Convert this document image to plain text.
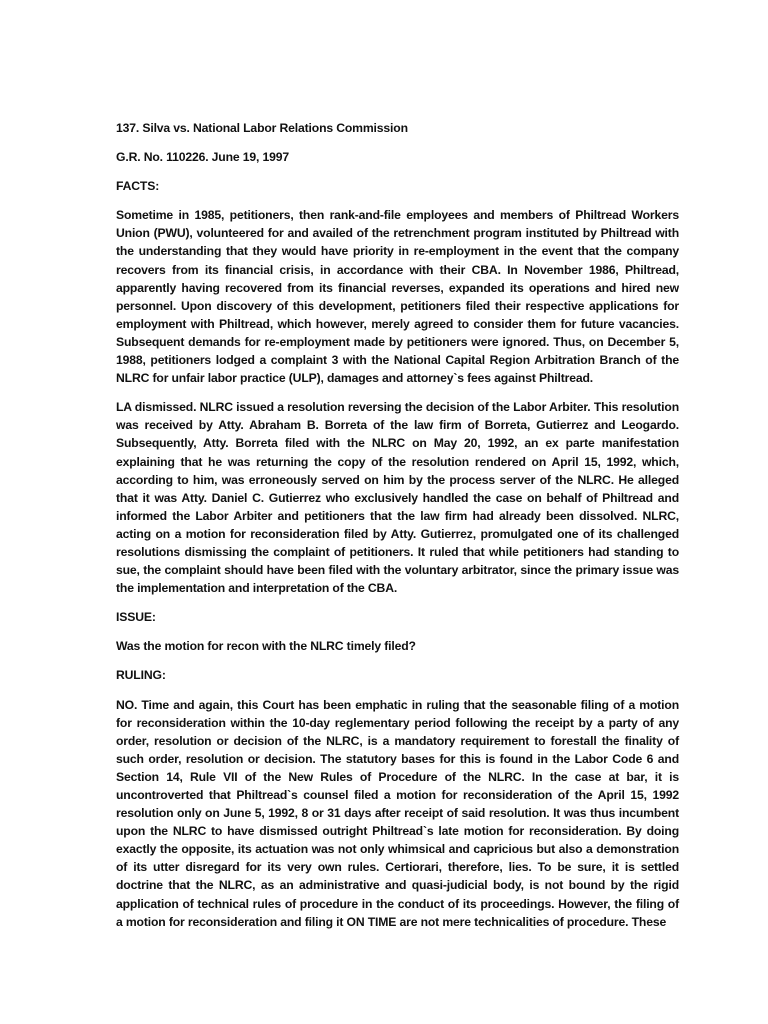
137. Silva vs. National Labor Relations Commission

G.R. No. 110226. June 19, 1997

FACTS:

Sometime in 1985, petitioners, then rank-and-file employees and members of Philtread Workers Union (PWU), volunteered for and availed of the retrenchment program instituted by Philtread with the understanding that they would have priority in re-employment in the event that the company recovers from its financial crisis, in accordance with their CBA. In November 1986, Philtread, apparently having recovered from its financial reverses, expanded its operations and hired new personnel. Upon discovery of this development, petitioners filed their respective applications for employment with Philtread, which however, merely agreed to consider them for future vacancies. Subsequent demands for re-employment made by petitioners were ignored. Thus, on December 5, 1988, petitioners lodged a complaint 3 with the National Capital Region Arbitration Branch of the NLRC for unfair labor practice (ULP), damages and attorney`s fees against Philtread.

LA dismissed. NLRC issued a resolution reversing the decision of the Labor Arbiter. This resolution was received by Atty. Abraham B. Borreta of the law firm of Borreta, Gutierrez and Leogardo. Subsequently, Atty. Borreta filed with the NLRC on May 20, 1992, an ex parte manifestation explaining that he was returning the copy of the resolution rendered on April 15, 1992, which, according to him, was erroneously served on him by the process server of the NLRC. He alleged that it was Atty. Daniel C. Gutierrez who exclusively handled the case on behalf of Philtread and informed the Labor Arbiter and petitioners that the law firm had already been dissolved. NLRC, acting on a motion for reconsideration filed by Atty. Gutierrez, promulgated one of its challenged resolutions dismissing the complaint of petitioners. It ruled that while petitioners had standing to sue, the complaint should have been filed with the voluntary arbitrator, since the primary issue was the implementation and interpretation of the CBA.

ISSUE:

Was the motion for recon with the NLRC timely filed?

RULING:

NO. Time and again, this Court has been emphatic in ruling that the seasonable filing of a motion for reconsideration within the 10-day reglementary period following the receipt by a party of any order, resolution or decision of the NLRC, is a mandatory requirement to forestall the finality of such order, resolution or decision. The statutory bases for this is found in the Labor Code 6 and Section 14, Rule VII of the New Rules of Procedure of the NLRC. In the case at bar, it is uncontroverted that Philtread`s counsel filed a motion for reconsideration of the April 15, 1992 resolution only on June 5, 1992, 8 or 31 days after receipt of said resolution. It was thus incumbent upon the NLRC to have dismissed outright Philtread`s late motion for reconsideration. By doing exactly the opposite, its actuation was not only whimsical and capricious but also a demonstration of its utter disregard for its very own rules. Certiorari, therefore, lies. To be sure, it is settled doctrine that the NLRC, as an administrative and quasi-judicial body, is not bound by the rigid application of technical rules of procedure in the conduct of its proceedings. However, the filing of a motion for reconsideration and filing it ON TIME are not mere technicalities of procedure. These
